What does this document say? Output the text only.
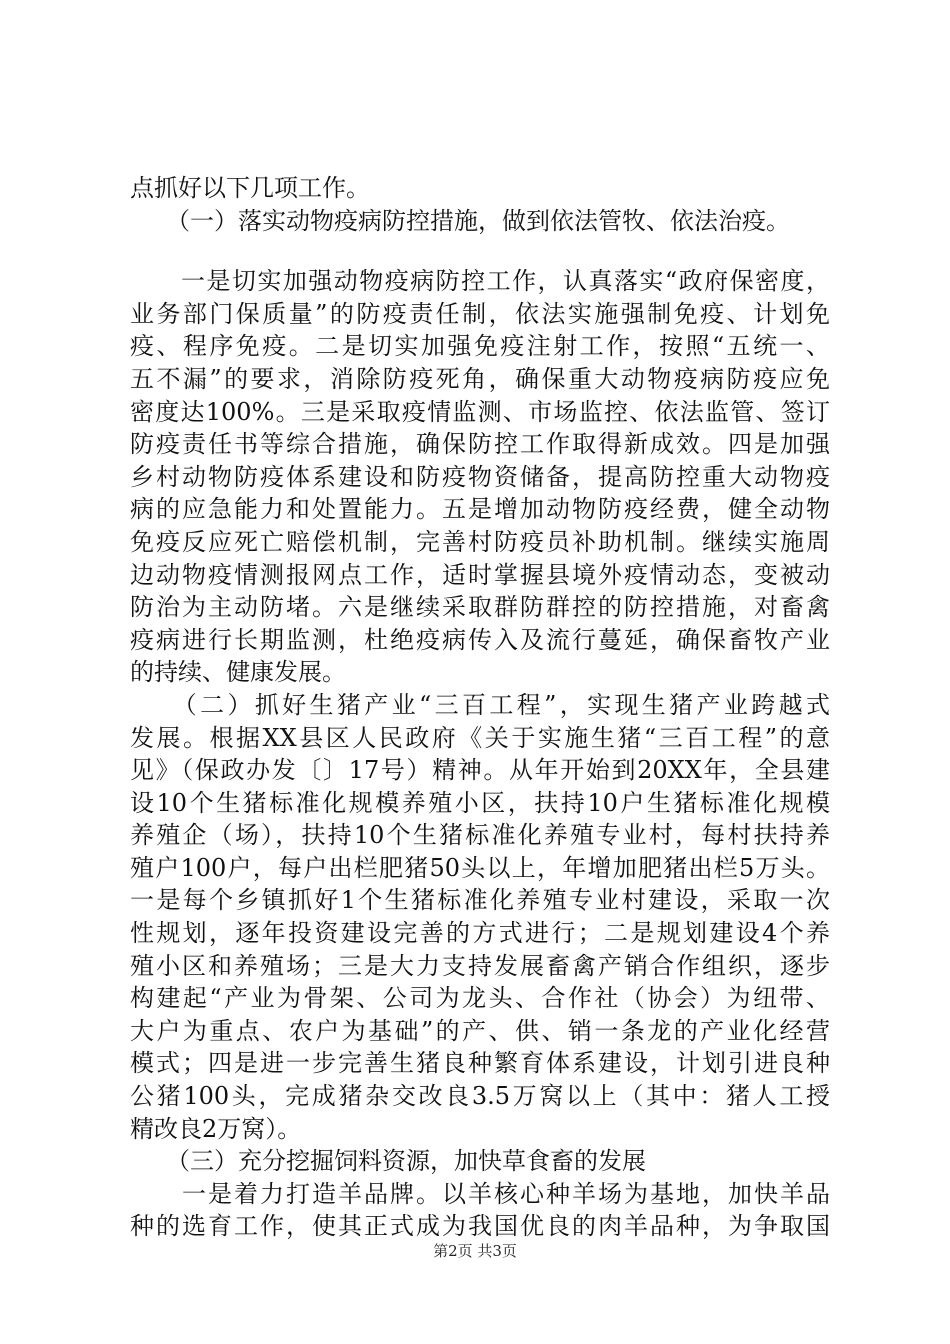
点抓好以下几项工作。
　　（一）落实动物疫病防控措施，做到依法管牧、依法治疫。
　　一是切实加强动物疫病防控工作，认真落实“政府保密度，
业务部门保质量”的防疫责任制，依法实施强制免疫、计划免
疫、程序免疫。二是切实加强免疫注射工作，按照“五统一、
五不漏”的要求，消除防疫死角，确保重大动物疫病防疫应免
密度达100%。三是采取疫情监测、市场监控、依法监管、签订
防疫责任书等综合措施，确保防控工作取得新成效。四是加强
乡村动物防疫体系建设和防疫物资储备，提高防控重大动物疫
病的应急能力和处置能力。五是增加动物防疫经费，健全动物
免疫反应死亡赔偿机制，完善村防疫员补助机制。继续实施周
边动物疫情测报网点工作，适时掌握县境外疫情动态，变被动
防治为主动防堵。六是继续采取群防群控的防控措施，对畜禽
疫病进行长期监测，杜绝疫病传入及流行蔓延，确保畜牧产业
的持续、健康发展。
　　（二）抓好生猪产业“三百工程”，实现生猪产业跨越式
发展。根据XX县区人民政府《关于实施生猪“三百工程”的意
见》（保政办发〔〕17号）精神。从年开始到20XX年，全县建
设10个生猪标准化规模养殖小区，扶持10户生猪标准化规模
养殖企（场），扶持10个生猪标准化养殖专业村，每村扶持养
殖户100户，每户出栏肥猪50头以上，年增加肥猪出栏5万头。
一是每个乡镇抓好1个生猪标准化养殖专业村建设，采取一次
性规划，逐年投资建设完善的方式进行；二是规划建设4个养
殖小区和养殖场；三是大力支持发展畜禽产销合作组织，逐步
构建起“产业为骨架、公司为龙头、合作社（协会）为纽带、
大户为重点、农户为基础”的产、供、销一条龙的产业化经营
模式；四是进一步完善生猪良种繁育体系建设，计划引进良种
公猪100头，完成猪杂交改良3.5万窝以上（其中：猪人工授
精改良2万窝）。
　　（三）充分挖掘饲料资源，加快草食畜的发展
　　一是着力打造羊品牌。以羊核心种羊场为基地，加快羊品
种的选育工作，使其正式成为我国优良的肉羊品种，为争取国
第2页 共3页
